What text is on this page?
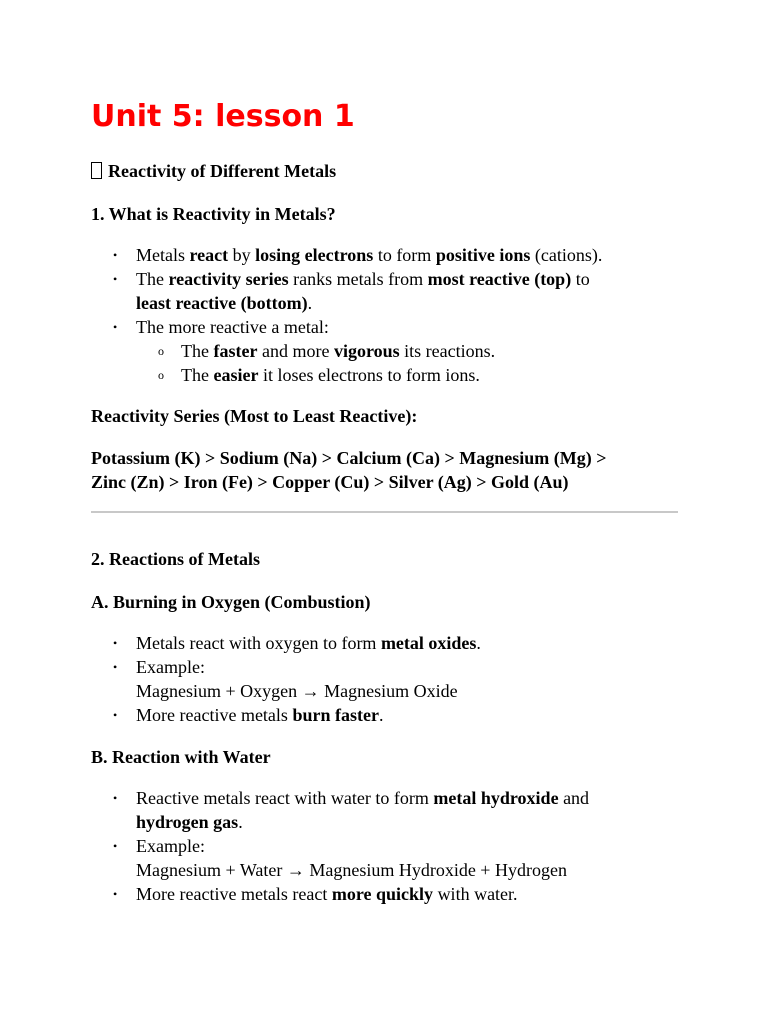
Unit 5: lesson 1
Reactivity of Different Metals
1. What is Reactivity in Metals?
• Metals react by losing electrons to form positive ions (cations).
• The reactivity series ranks metals from most reactive (top) to
least reactive (bottom).
• The more reactive a metal:
o The faster and more vigorous its reactions.
o The easier it loses electrons to form ions.
Reactivity Series (Most to Least Reactive):
Potassium (K) > Sodium (Na) > Calcium (Ca) > Magnesium (Mg) >
Zinc (Zn) > Iron (Fe) > Copper (Cu) > Silver (Ag) > Gold (Au)
2. Reactions of Metals
A. Burning in Oxygen (Combustion)
• Metals react with oxygen to form metal oxides.
• Example:
Magnesium + Oxygen → Magnesium Oxide
• More reactive metals burn faster.
B. Reaction with Water
• Reactive metals react with water to form metal hydroxide and
hydrogen gas.
• Example:
Magnesium + Water → Magnesium Hydroxide + Hydrogen
• More reactive metals react more quickly with water.
